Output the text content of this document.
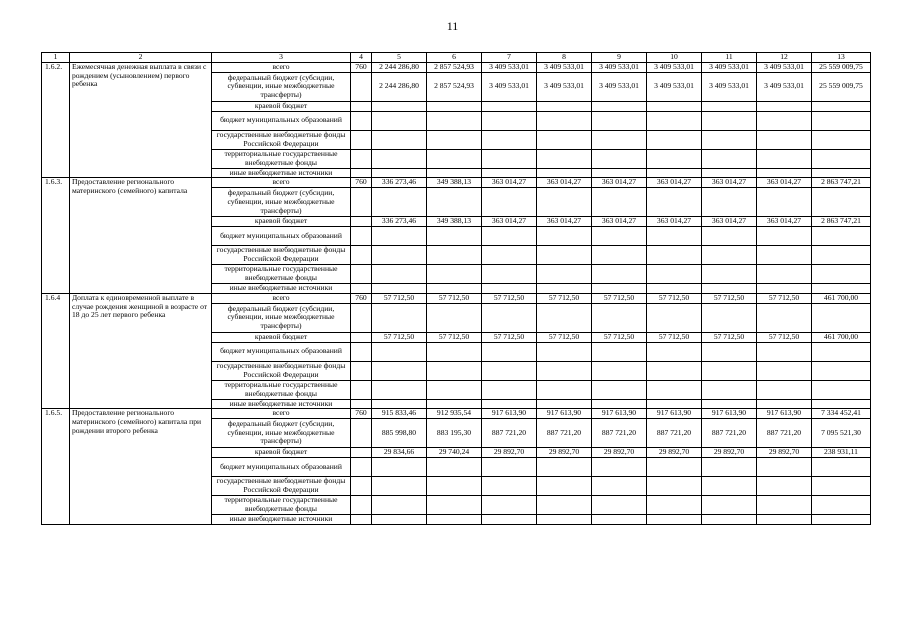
11
1	2	3	4	5	6	7	8	9	10	11	12	13
1.6.2.	Ежемесячная денежная выплата в связи с рождением (усыновлением) первого ребенка	всего	760	2 244 286,80	2 857 524,93	3 409 533,01	3 409 533,01	3 409 533,01	3 409 533,01	3 409 533,01	3 409 533,01	25 559 009,75
		федеральный бюджет (субсидии, субвенции, иные межбюджетные трансферты)		2 244 286,80	2 857 524,93	3 409 533,01	3 409 533,01	3 409 533,01	3 409 533,01	3 409 533,01	3 409 533,01	25 559 009,75
		краевой бюджет										
		бюджет муниципальных образований										
		государственные внебюджетные фонды Российской Федерации										
		территориальные государственные внебюджетные фонды										
		иные внебюджетные источники										
1.6.3.	Предоставление регионального материнского (семейного) капитала	всего	760	336 273,46	349 388,13	363 014,27	363 014,27	363 014,27	363 014,27	363 014,27	363 014,27	2 863 747,21
		федеральный бюджет (субсидии, субвенции, иные межбюджетные трансферты)										
		краевой бюджет		336 273,46	349 388,13	363 014,27	363 014,27	363 014,27	363 014,27	363 014,27	363 014,27	2 863 747,21
		бюджет муниципальных образований										
		государственные внебюджетные фонды Российской Федерации										
		территориальные государственные внебюджетные фонды										
		иные внебюджетные источники										
1.6.4	Доплата к единовременной выплате в случае рождения женщиной в возрасте от 18 до 25 лет первого ребенка	всего	760	57 712,50	57 712,50	57 712,50	57 712,50	57 712,50	57 712,50	57 712,50	57 712,50	461 700,00
		федеральный бюджет (субсидии, субвенции, иные межбюджетные трансферты)										
		краевой бюджет		57 712,50	57 712,50	57 712,50	57 712,50	57 712,50	57 712,50	57 712,50	57 712,50	461 700,00
		бюджет муниципальных образований										
		государственные внебюджетные фонды Российской Федерации										
		территориальные государственные внебюджетные фонды										
		иные внебюджетные источники										
1.6.5.	Предоставление регионального материнского (семейного) капитала при рождении второго ребенка	всего	760	915 833,46	912 935,54	917 613,90	917 613,90	917 613,90	917 613,90	917 613,90	917 613,90	7 334 452,41
		федеральный бюджет (субсидии, субвенции, иные межбюджетные трансферты)		885 998,80	883 195,30	887 721,20	887 721,20	887 721,20	887 721,20	887 721,20	887 721,20	7 095 521,30
		краевой бюджет		29 834,66	29 740,24	29 892,70	29 892,70	29 892,70	29 892,70	29 892,70	29 892,70	238 931,11
		бюджет муниципальных образований										
		государственные внебюджетные фонды Российской Федерации										
		территориальные государственные внебюджетные фонды										
		иные внебюджетные источники										
